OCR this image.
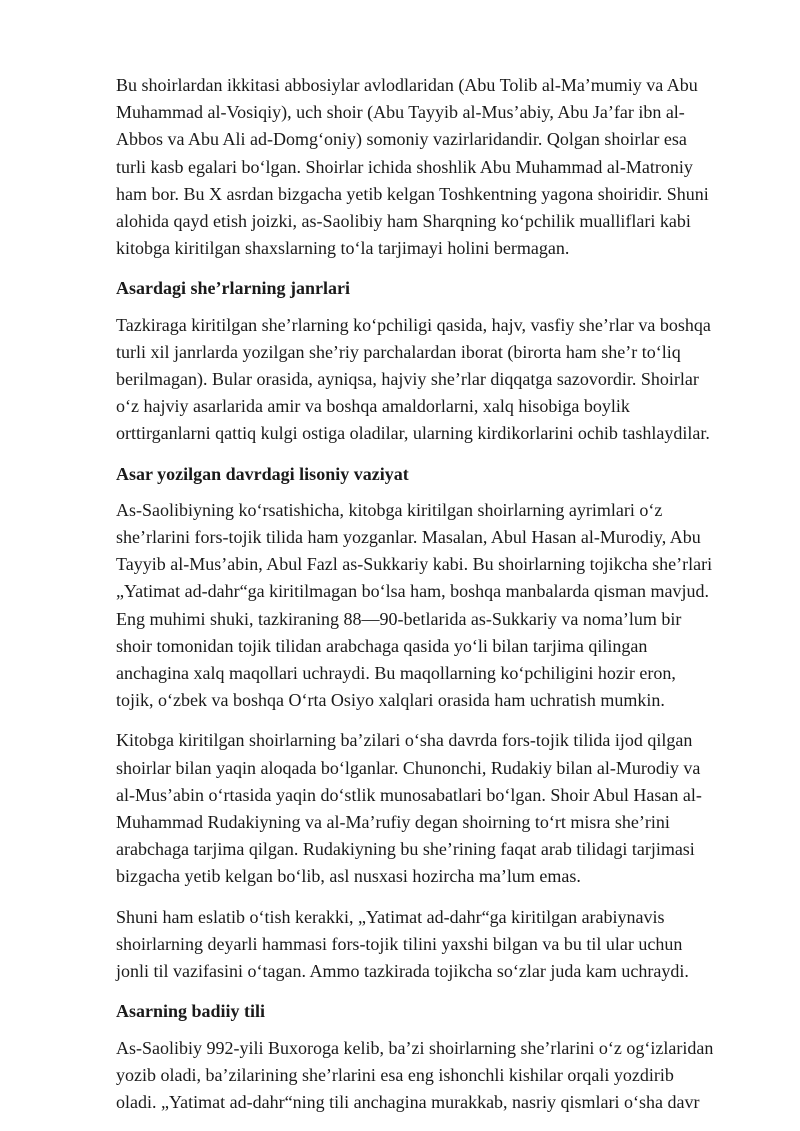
Bu shoirlardan ikkitasi abbosiylar avlodlaridan (Abu Tolib al-Ma’mumiy va Abu
Muhammad al-Vosiqiy), uch shoir (Abu Tayyib al-Mus’abiy, Abu Ja’far ibn al-
Abbos va Abu Ali ad-Domg‘oniy) somoniy vazirlaridandir. Qolgan shoirlar esa
turli kasb egalari bo‘lgan. Shoirlar ichida shoshlik Abu Muhammad al-Matroniy
ham bor. Bu X asrdan bizgacha yetib kelgan Toshkentning yagona shoiridir. Shuni
alohida qayd etish joizki, as-Saolibiy ham Sharqning ko‘pchilik mualliflari kabi
kitobga kiritilgan shaxslarning to‘la tarjimayi holini bermagan.

Asardagi she’rlarning janrlari

Tazkiraga kiritilgan she’rlarning ko‘pchiligi qasida, hajv, vasfiy she’rlar va boshqa
turli xil janrlarda yozilgan she’riy parchalardan iborat (birorta ham she’r to‘liq
berilmagan). Bular orasida, ayniqsa, hajviy she’rlar diqqatga sazovordir. Shoirlar
o‘z hajviy asarlarida amir va boshqa amaldorlarni, xalq hisobiga boylik
orttirganlarni qattiq kulgi ostiga oladilar, ularning kirdikorlarini ochib tashlaydilar.

Asar yozilgan davrdagi lisoniy vaziyat

As-Saolibiyning ko‘rsatishicha, kitobga kiritilgan shoirlarning ayrimlari o‘z
she’rlarini fors-tojik tilida ham yozganlar. Masalan, Abul Hasan al-Murodiy, Abu
Tayyib al-Mus’abin, Abul Fazl as-Sukkariy kabi. Bu shoirlarning tojikcha she’rlari
„Yatimat ad-dahr“ga kiritilmagan bo‘lsa ham, boshqa manbalarda qisman mavjud.
Eng muhimi shuki, tazkiraning 88—90-betlarida as-Sukkariy va noma’lum bir
shoir tomonidan tojik tilidan arabchaga qasida yo‘li bilan tarjima qilingan
anchagina xalq maqollari uchraydi. Bu maqollarning ko‘pchiligini hozir eron,
tojik, o‘zbek va boshqa O‘rta Osiyo xalqlari orasida ham uchratish mumkin.

Kitobga kiritilgan shoirlarning ba’zilari o‘sha davrda fors-tojik tilida ijod qilgan
shoirlar bilan yaqin aloqada bo‘lganlar. Chunonchi, Rudakiy bilan al-Murodiy va
al-Mus’abin o‘rtasida yaqin do‘stlik munosabatlari bo‘lgan. Shoir Abul Hasan al-
Muhammad Rudakiyning va al-Ma’rufiy degan shoirning to‘rt misra she’rini
arabchaga tarjima qilgan. Rudakiyning bu she’rining faqat arab tilidagi tarjimasi
bizgacha yetib kelgan bo‘lib, asl nusxasi hozircha ma’lum emas.

Shuni ham eslatib o‘tish kerakki, „Yatimat ad-dahr“ga kiritilgan arabiynavis
shoirlarning deyarli hammasi fors-tojik tilini yaxshi bilgan va bu til ular uchun
jonli til vazifasini o‘tagan. Ammo tazkirada tojikcha so‘zlar juda kam uchraydi.

Asarning badiiy tili

As-Saolibiy 992-yili Buxoroga kelib, ba’zi shoirlarning she’rlarini o‘z og‘izlaridan
yozib oladi, ba’zilarining she’rlarini esa eng ishonchli kishilar orqali yozdirib
oladi. „Yatimat ad-dahr“ning tili anchagina murakkab, nasriy qismlari o‘sha davr
